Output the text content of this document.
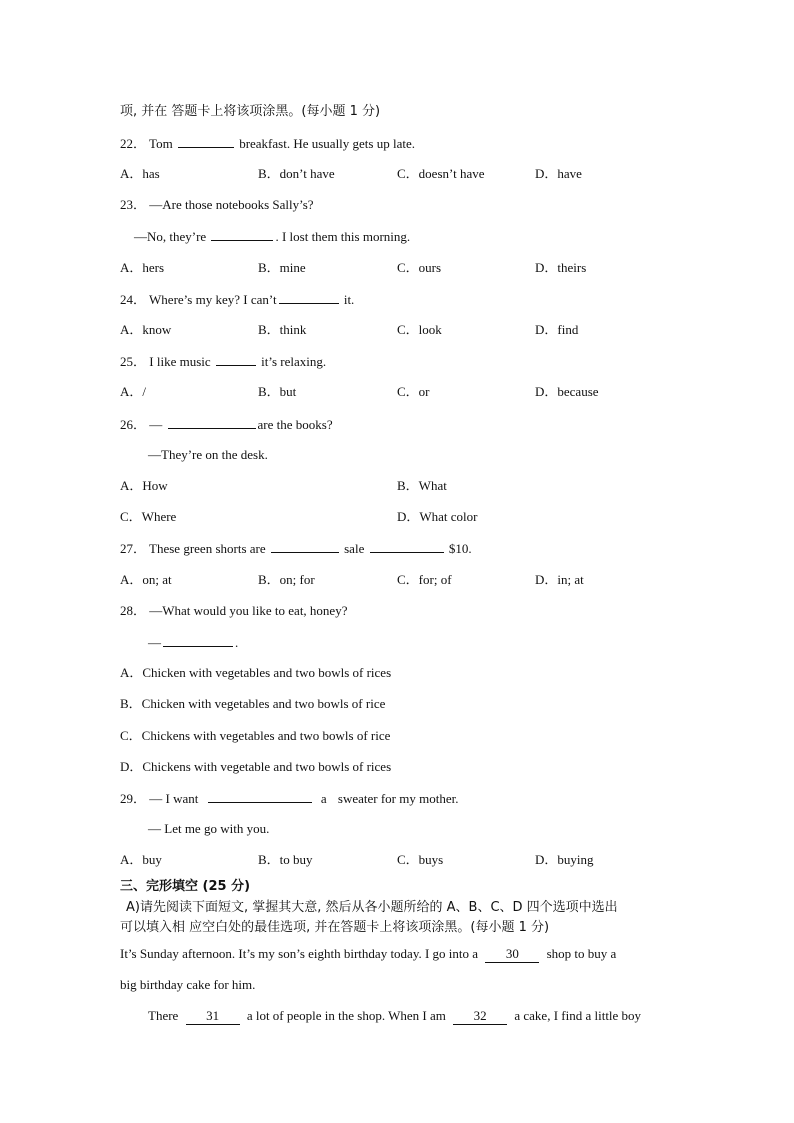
项, 并在 答题卡上将该项涂黑。(每小题 1 分)
22． Tom	breakfast. He usually gets up late.
A．has	B．don’t have	C．doesn’t have	D．have
23． —Are those notebooks Sally’s?
—No, they’re	. I lost them this morning.
A．hers	B．mine	C．ours	D．theirs
24． Where’s my key? I can’t	it.
A．know	B．think	C．look	D．find
25． I like music	it’s relaxing.
A．/	B．but	C．or	D．because
26． —	are the books?
—They’re on the desk.
A．How	B．What
C．Where	D．What color
27． These green shorts are	sale	$10.
A．on; at	B．on; for	C．for; of	D．in; at
28． —What would you like to eat, honey?
—	.
A．Chicken with vegetables and two bowls of rices
B．Chicken with vegetables and two bowls of rice
C．Chickens with vegetables and two bowls of rice
D．Chickens with vegetable and two bowls of rices
29． — I want	a sweater for my mother.
— Let me go with you.
A．buy	B．to buy	C．buys	D．buying
三、完形填空 (25 分)
A)请先阅读下面短文, 掌握其大意, 然后从各小题所给的 A、B、C、D 四个选项中选出
可以填入相 应空白处的最佳选项, 并在答题卡上将该项涂黑。(每小题 1 分)
It’s Sunday afternoon. It’s my son’s eighth birthday today. I go into a 30 shop to buy a
big birthday cake for him.
There 31 a lot of people in the shop. When I am 32 a cake, I find a little boy
